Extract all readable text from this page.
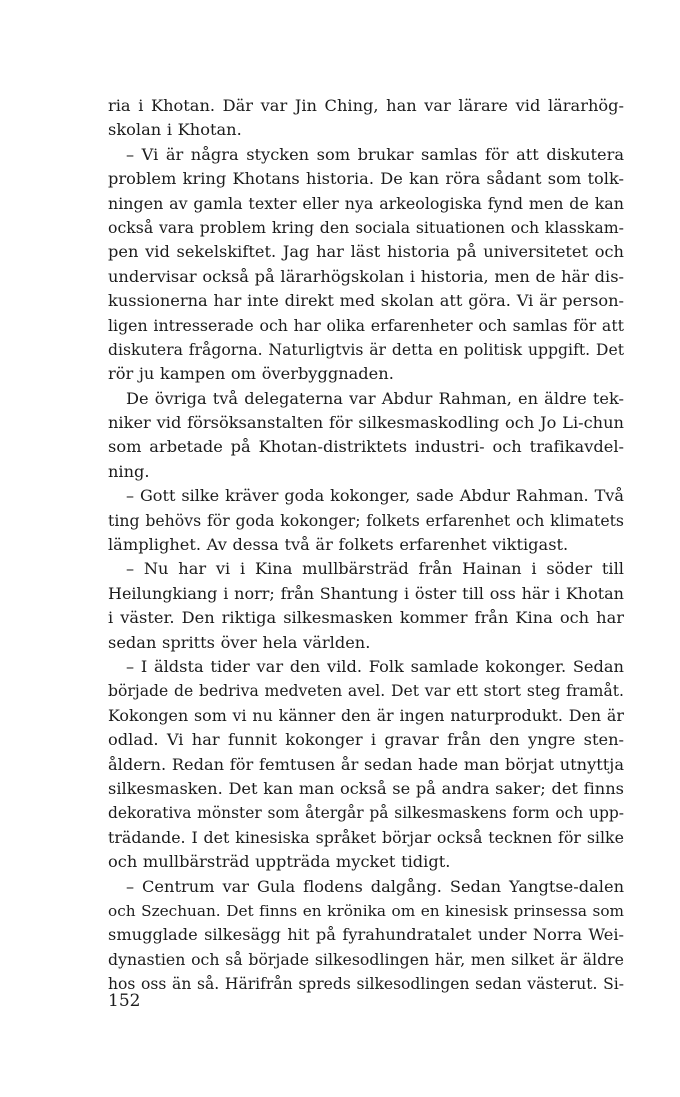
ria i Khotan. Där var Jin Ching, han var lärare vid lärarhög-
skolan i Khotan.
– Vi är några stycken som brukar samlas för att diskutera
problem kring Khotans historia. De kan röra sådant som tolk-
ningen av gamla texter eller nya arkeologiska fynd men de kan
också vara problem kring den sociala situationen och klasskam-
pen vid sekelskiftet. Jag har läst historia på universitetet och
undervisar också på lärarhögskolan i historia, men de här dis-
kussionerna har inte direkt med skolan att göra. Vi är person-
ligen intresserade och har olika erfarenheter och samlas för att
diskutera frågorna. Naturligtvis är detta en politisk uppgift. Det
rör ju kampen om överbyggnaden.
De övriga två delegaterna var Abdur Rahman, en äldre tek-
niker vid försöksanstalten för silkesmaskodling och Jo Li-chun
som arbetade på Khotan-distriktets industri- och trafikavdel-
ning.
– Gott silke kräver goda kokonger, sade Abdur Rahman. Två
ting behövs för goda kokonger; folkets erfarenhet och klimatets
lämplighet. Av dessa två är folkets erfarenhet viktigast.
– Nu har vi i Kina mullbärsträd från Hainan i söder till
Heilungkiang i norr; från Shantung i öster till oss här i Khotan
i väster. Den riktiga silkesmasken kommer från Kina och har
sedan spritts över hela världen.
– I äldsta tider var den vild. Folk samlade kokonger. Sedan
började de bedriva medveten avel. Det var ett stort steg framåt.
Kokongen som vi nu känner den är ingen naturprodukt. Den är
odlad. Vi har funnit kokonger i gravar från den yngre sten-
åldern. Redan för femtusen år sedan hade man börjat utnyttja
silkesmasken. Det kan man också se på andra saker; det finns
dekorativa mönster som återgår på silkesmaskens form och upp-
trädande. I det kinesiska språket börjar också tecknen för silke
och mullbärsträd uppträda mycket tidigt.
– Centrum var Gula flodens dalgång. Sedan Yangtse-dalen
och Szechuan. Det finns en krönika om en kinesisk prinsessa som
smugglade silkesägg hit på fyrahundratalet under Norra Wei-
dynastien och så började silkesodlingen här, men silket är äldre
hos oss än så. Härifrån spreds silkesodlingen sedan västerut. Si-
152
